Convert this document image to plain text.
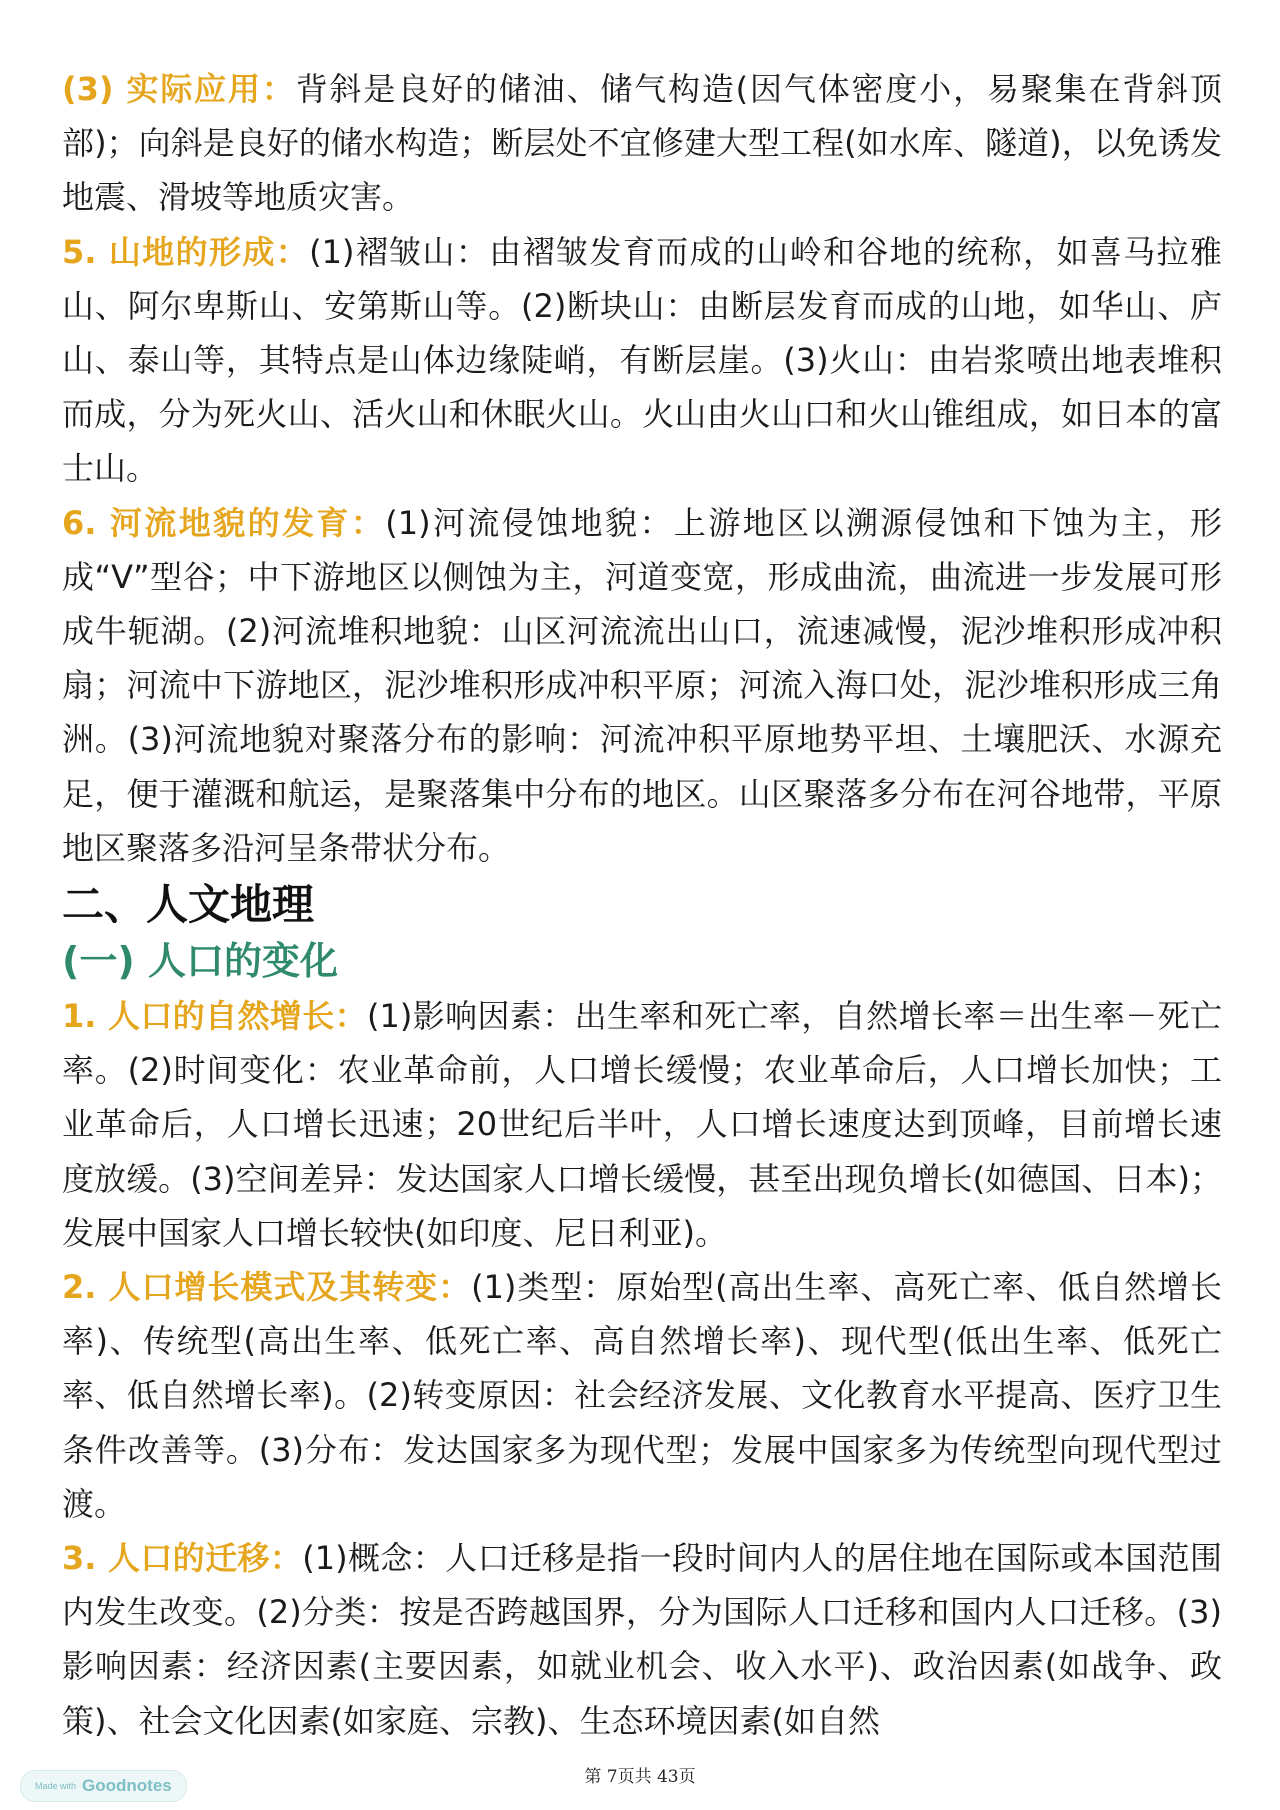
(3) 实际应用：背斜是良好的储油、储气构造(因气体密度小，易聚集在背斜顶部)；向斜是良好的储水构造；断层处不宜修建大型工程(如水库、隧道)，以免诱发地震、滑坡等地质灾害。

5. 山地的形成：(1)褶皱山：由褶皱发育而成的山岭和谷地的统称，如喜马拉雅山、阿尔卑斯山、安第斯山等。(2)断块山：由断层发育而成的山地，如华山、庐山、泰山等，其特点是山体边缘陡峭，有断层崖。(3)火山：由岩浆喷出地表堆积而成，分为死火山、活火山和休眠火山。火山由火山口和火山锥组成，如日本的富士山。

6. 河流地貌的发育：(1)河流侵蚀地貌：上游地区以溯源侵蚀和下蚀为主，形成“V”型谷；中下游地区以侧蚀为主，河道变宽，形成曲流，曲流进一步发展可形成牛轭湖。(2)河流堆积地貌：山区河流流出山口，流速减慢，泥沙堆积形成冲积扇；河流中下游地区，泥沙堆积形成冲积平原；河流入海口处，泥沙堆积形成三角洲。(3)河流地貌对聚落分布的影响：河流冲积平原地势平坦、土壤肥沃、水源充足，便于灌溉和航运，是聚落集中分布的地区。山区聚落多分布在河谷地带，平原地区聚落多沿河呈条带状分布。

二、人文地理
(一) 人口的变化

1. 人口的自然增长：(1)影响因素：出生率和死亡率，自然增长率＝出生率－死亡率。(2)时间变化：农业革命前，人口增长缓慢；农业革命后，人口增长加快；工业革命后，人口增长迅速；20世纪后半叶，人口增长速度达到顶峰，目前增长速度放缓。(3)空间差异：发达国家人口增长缓慢，甚至出现负增长(如德国、日本)；发展中国家人口增长较快(如印度、尼日利亚)。

2. 人口增长模式及其转变：(1)类型：原始型(高出生率、高死亡率、低自然增长率)、传统型(高出生率、低死亡率、高自然增长率)、现代型(低出生率、低死亡率、低自然增长率)。(2)转变原因：社会经济发展、文化教育水平提高、医疗卫生条件改善等。(3)分布：发达国家多为现代型；发展中国家多为传统型向现代型过渡。

3. 人口的迁移：(1)概念：人口迁移是指一段时间内人的居住地在国际或本国范围内发生改变。(2)分类：按是否跨越国界，分为国际人口迁移和国内人口迁移。(3)影响因素：经济因素(主要因素，如就业机会、收入水平)、政治因素(如战争、政策)、社会文化因素(如家庭、宗教)、生态环境因素(如自然

第 7页共 43页
Made with Goodnotes
